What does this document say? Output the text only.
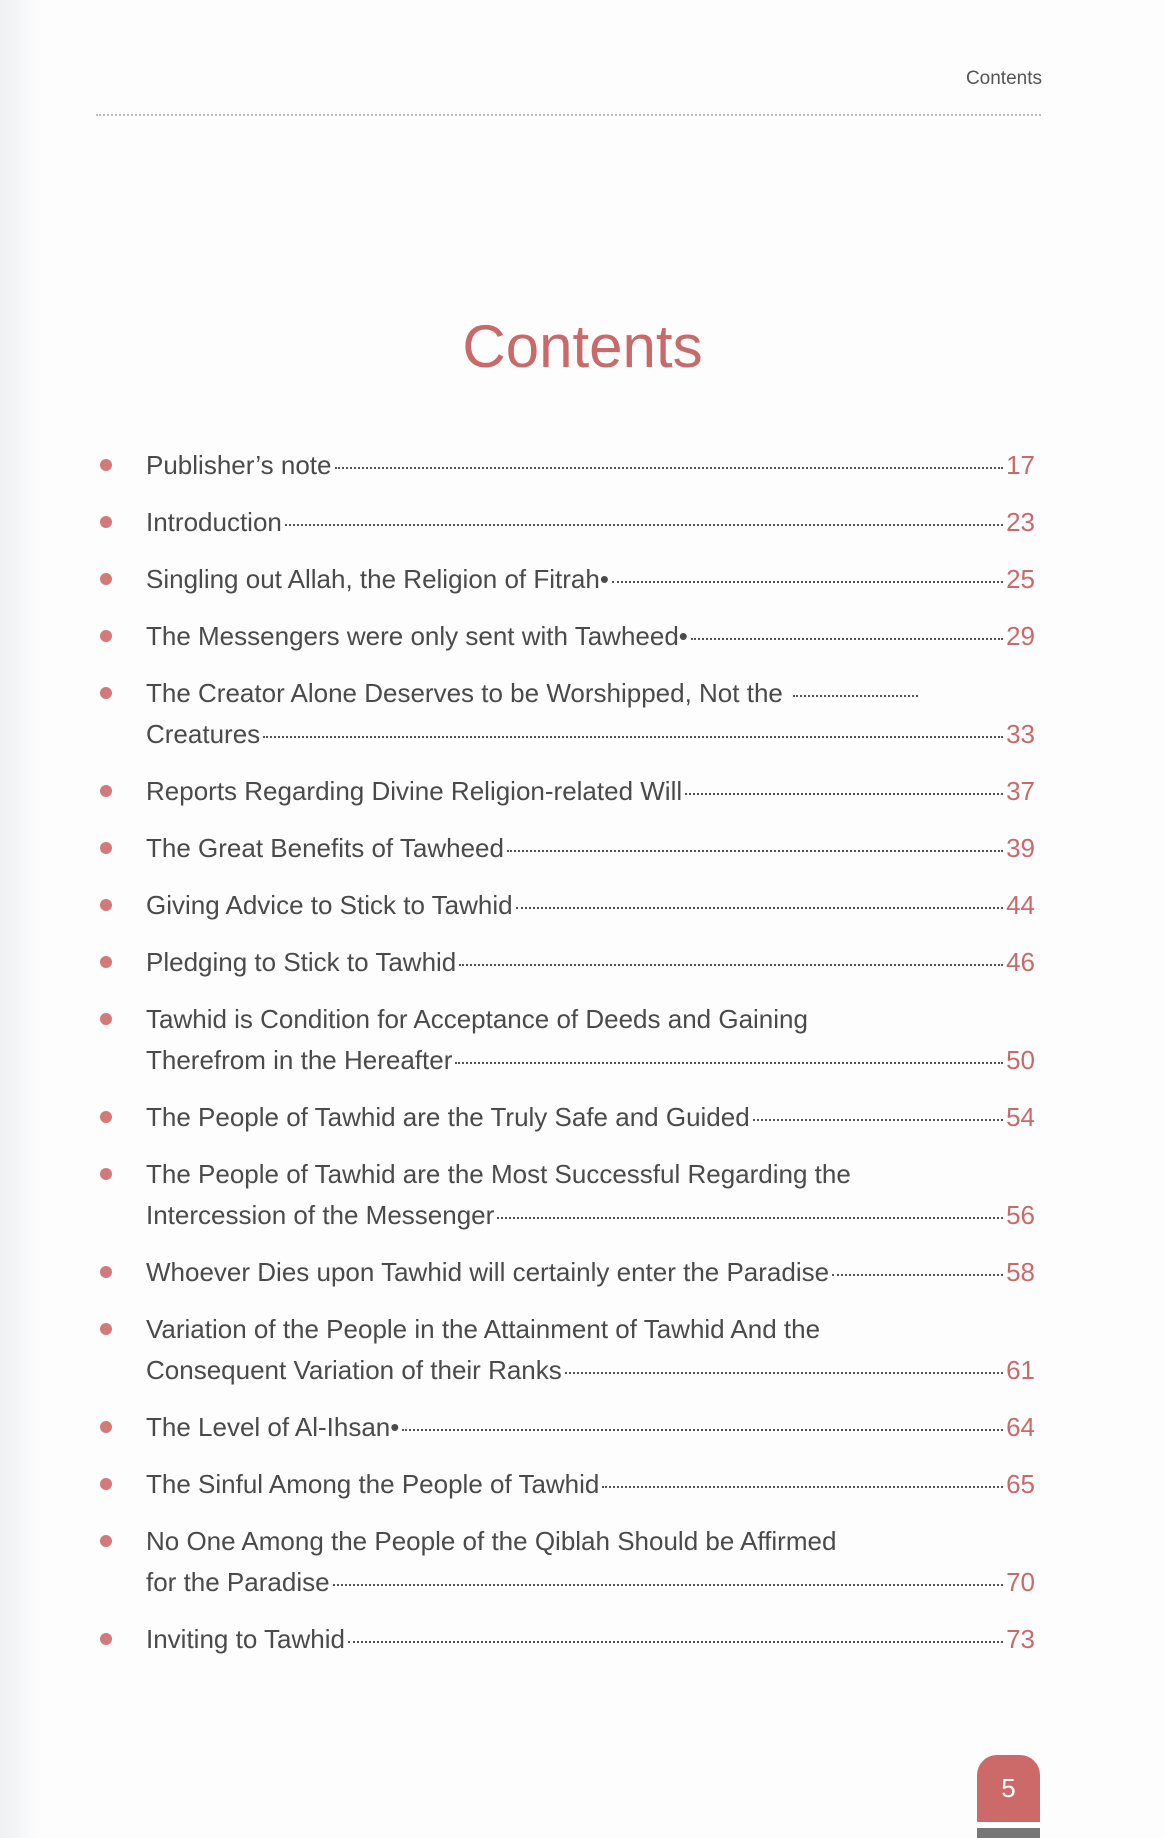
Contents
Contents
Publisher’s note	17
Introduction	23
Singling out Allah, the Religion of Fitrah•	25
The Messengers were only sent with Tawheed•	29
The Creator Alone Deserves to be Worshipped, Not the
Creatures	33
Reports Regarding Divine Religion-related Will	37
The Great Benefits of Tawheed	39
Giving Advice to Stick to Tawhid	44
Pledging to Stick to Tawhid	46
Tawhid is Condition for Acceptance of Deeds and Gaining
Therefrom in the Hereafter	50
The People of Tawhid are the Truly Safe and Guided	54
The People of Tawhid are the Most Successful Regarding the
Intercession of the Messenger	56
Whoever Dies upon Tawhid will certainly enter the Paradise	58
Variation of the People in the Attainment of Tawhid And the
Consequent Variation of their Ranks	61
The Level of Al-Ihsan•	64
The Sinful Among the People of Tawhid	65
No One Among the People of the Qiblah Should be Affirmed
for the Paradise	70
Inviting to Tawhid	73
5
